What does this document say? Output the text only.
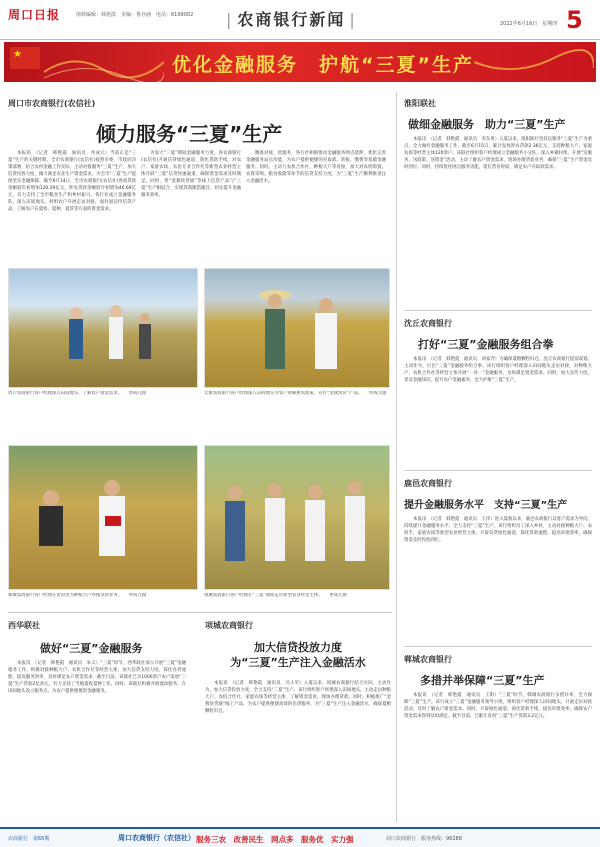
周口日报	值班编辑：韩艳霞　美编：鲁亦涵　电话：6199002
|	农商银行新闻 |	2022年6月16日　星期四 5
★	优化金融服务　护航“三夏”生产
周口市农商银行(农信社)
倾力服务“三夏”生产
本报讯　（记者　韩艳霞　通讯员　单成元）当前正是“三夏”生产的关键时期，全市农商银行(农信社)按照市委、市政府决策部署，结合农村金融工作实际，主动对接服务“三夏”生产，加大信贷投放力度，倾力满足农业生产资金需求，为全市“三夏”生产提供坚实金融保障。截至6月14日，全市农商银行(农信社)各项贷款余额较年初增加120.29亿元，涉农贷款余额较年初增加46.69亿元，有力支持了全市粮食生产和乡村振兴。各行社成立金融服务队，深入田间地头、村组农户开展走访对接，面对面宣传信贷产品，了解农户在夏收、夏种、夏管等方面的资金需求。
为加大“三夏”期间金融服务力度，各农商银行(农信社)开通信贷绿色通道，简化贷款手续，对农户、家庭农场、农民专业合作社等新型农业经营主体开辟“三夏”信贷快速通道，确保资金需求及时满足。同时，将“金燕快贷通”等线上信贷产品与“三夏”生产相结合，实现贷款随借随还，切实提升金融服务效率。
精准对接，优服务。各行社积极推动金融服务网点延伸，优化完善金融服务站点功能，为农户提供便捷的存取款、转账、缴费等基础金融服务。同时，主动与农机合作社、种粮大户等对接，加大对农机购置、农资采购、粮食收储等环节的信贷支持力度，为“三夏”生产顺利推进注入金融活水。
周口农商银行客户经理深入田间地头，了解农户资金需求。　　单成元摄	太康农商银行客户经理深入田间地头为农户讲解惠农政策，宣传“金燕快贷”产品。　　单成元摄
郸城农商银行客户经理在麦田里为种粮大户办理贷款业务。　　单成元摄	项城农商银行客户经理在“三夏”期间走访新型农业经营主体。　　单成元摄
西华联社
做好“三夏”金融服务
本报讯　（记者　韩艳霞　通讯员　朱义）“三夏”时节，西华联社深入开展“三夏”金融服务工作，积极对接种粮大户、农机合作社等经营主体，加大信贷支持力度，简化办贷流程，提高服务效率，及时满足农户资金需求。截至目前，该联社已为1000余户农户发放“三夏”生产贷款2亿余元，有力支持了当地夏收夏种工作。同时，该联社积极开展流动服务，在田间地头设立服务点，为农户提供便捷的金融服务。
项城农商银行
加大信贷投放力度
为“三夏”生产注入金融活水
本报讯　（记者　韩艳霞　通讯员　冯小军）入夏以来，项城农商银行结合实际，主动作为，加大信贷投放力度，全力支持“三夏”生产。该行组织客户经理深入田间地头，主动走访种粮大户、农机合作社、家庭农场等经营主体，了解资金需求，现场办理贷款。同时，积极推广“金燕快贷通”线上产品，为农户提供便捷高效的信贷服务，为“三夏”生产注入金融活水，确保夏粮颗粒归仓。
淮阳联社
做细金融服务　助力“三夏”生产
本报讯　（记者　韩艳霞　通讯员　李东勇）入夏以来，淮阳联社坚持以服务“三夏”生产为重点，全力做好金融服务工作。截至6月15日，累计发放涉农贷款2.36亿元，支持种粮大户、家庭农场等经营主体120余户。该联社组织客户经理成立金融服务小分队，深入乡镇村组，开展“送服务、送政策、送资金”活动，主动了解农户资金需求，现场办理贷款业务，确保“三夏”生产资金及时到位。同时，持续优化网点服务功能，延长营业时间，满足农户存取款需求。
沈丘农商银行
打好“三夏”金融服务组合拳
本报讯　（记者　韩艳霞　通讯员　刘家齐）为确保夏粮颗粒归仓，沈丘农商银行提前谋划、主动作为，打出“三夏”金融服务组合拳。该行组织客户经理深入田间地头走访对接，对种粮大户、农机合作社等经营主体开展“一对一”金融服务，及时满足资金需求。同时，加大宣传力度，普及金融知识，提升农户金融素养，全力护航“三夏”生产。
鹿邑农商银行
提升金融服务水平　支持“三夏”生产
本报讯　（记者　韩艳霞　通讯员　王洋）进入夏收以来，鹿邑农商银行以客户需求为导向，持续提升金融服务水平，全力支持“三夏”生产。该行组织员工深入乡村，主动对接种粮大户、农机手、家庭农场等新型农业经营主体，开辟信贷绿色通道，简化贷款流程，提高审批效率，确保资金及时投放到位。
郸城农商银行
多措并举保障“三夏”生产
本报讯　（记者　韩艳霞　通讯员　王阳）“三夏”时节，郸城农商银行多措并举，全力保障“三夏”生产。该行成立“三夏”金融服务领导小组，组织客户经理深入田间地头，开展走访对接活动，及时了解农户资金需求。同时，开辟绿色通道，简化贷款手续，提高审批效率，确保农户资金需求得到及时满足。截至目前，已累计发放“三夏”生产贷款3.2亿元。
农商银行　第65期	周口农商银行（农信社） 服务三农　改善民生　网点多　服务优　实力强	周口农商银行　服务热线：96288
